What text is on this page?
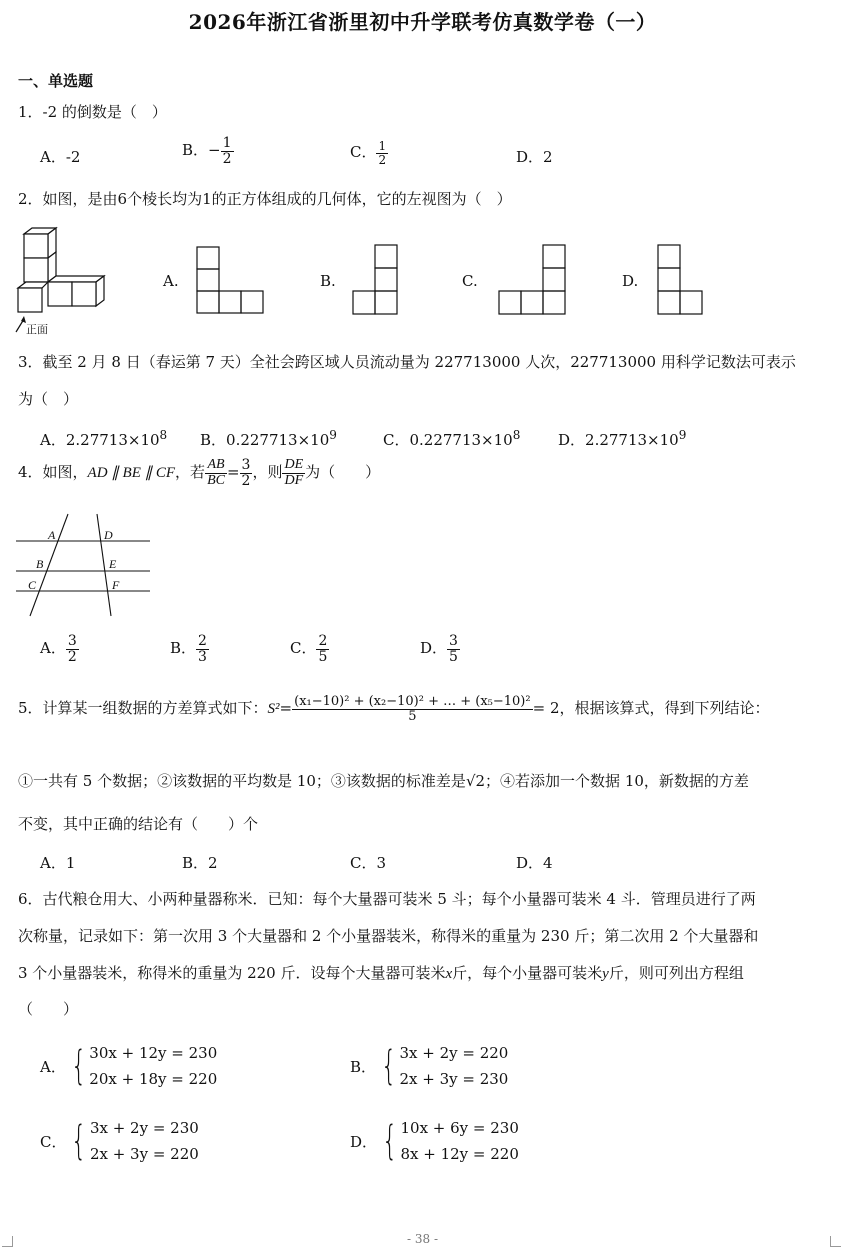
2026年浙江省浙里初中升学联考仿真数学卷（一）
一、单选题
1．-2 的倒数是（　）
A．-2	B．− $\frac{1}{2}$	C． $\frac{1}{2}$	D．2
2．如图，是由6个棱长均为1的正方体组成的几何体，它的左视图为（　）
正面
A.	B.	C.	D.
3．截至 2 月 8 日（春运第 7 天）全社会跨区域人员流动量为 227713000 人次，227713000 用科学记数法可表示
为（　）
A．$2.27713\times 10^8$ B．$0.227713\times 10^9$	C．$0.227713\times 10^8$	D．$2.27713\times 10^9$
4．如图，AD ∥ BE ∥ CF，若 $\frac{AB}{BC} = \frac{3}{2}$ ，则 $\frac{DE}{DF}$ 为（　　）
A	D
B	E
C	F
A． $\frac{3}{2}$	B． $\frac{2}{3}$	C． $\frac{2}{5}$	D． $\frac{3}{5}$
5．计算某一组数据的方差算式如下：$S^2= \frac{\text{(x₁−10)² + (x₂−10)² + … + (x₅−10)²}}{5} = 2$，根据该算式，得到下列结论：
①一共有 5 个数据；②该数据的平均数是 10；③该数据的标准差是√2；④若添加一个数据 10，新数据的方差
不变，其中正确的结论有（　　）个
A．1	B．2	C．3	D．4
6．古代粮仓用大、小两种量器称米．已知：每个大量器可装米 5 斗；每个小量器可装米 4 斗．管理员进行了两
次称量，记录如下：第一次用 3 个大量器和 2 个小量器装米，称得米的重量为 230 斤；第二次用 2 个大量器和
3 个小量器装米，称得米的重量为 220 斤．设每个大量器可装米x斤，每个小量器可装米y斤，则可列出方程组
（　　）
A． { 30x + 12y = 230
20x + 18y = 220
B． { 3x + 2y = 220
2x + 3y = 230
C． { 3x + 2y = 230
2x + 3y = 220
D． { 10x + 6y = 230
8x + 12y = 220
- 38 -
